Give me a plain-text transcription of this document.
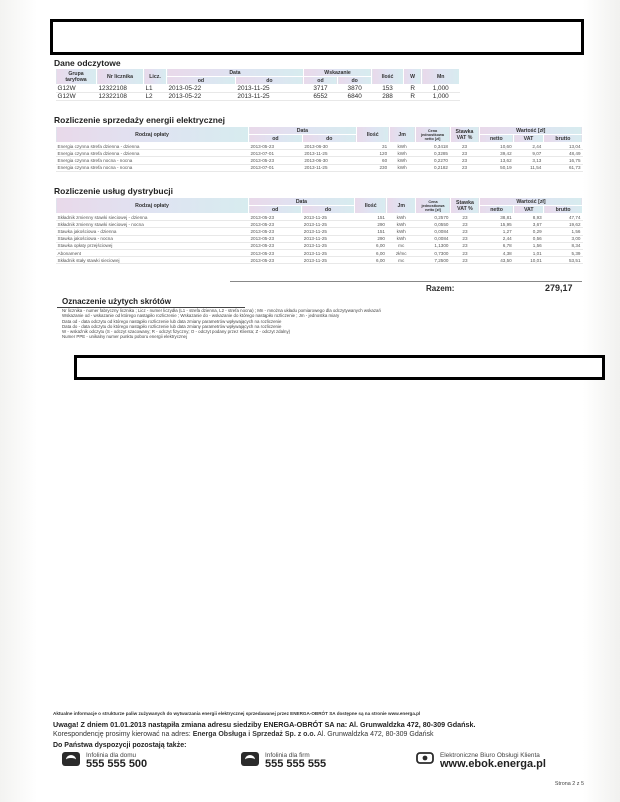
Dane odczytowe
Grupa taryfowa	Nr licznika	Licz.	Data		Wskazanie		Ilość	W	Mn
			od	do	od	do			
G12W	12322108	L1	2013-05-22	2013-11-25	3717	3870	153	R	1,000
G12W	12322108	L2	2013-05-22	2013-11-25	6552	6840	288	R	1,000
Rozliczenie sprzedaży energii elektrycznej
Rodzaj opłaty	Data		Ilość	Jm	Cena jednostkowa netto [zł]	Stawka VAT %	Wartość [zł]		
	od	do					netto	VAT	brutto
Energia czynna strefa dzienna - dzienna	2013-05-23	2013-06-30	31	kWh	0,3418	23	10,60	2,44	13,04
Energia czynna strefa dzienna - dzienna	2013-07-01	2013-11-25	120	kWh	0,3285	23	39,42	9,07	48,49
Energia czynna strefa nocna - nocna	2013-05-23	2013-06-30	60	kWh	0,2270	23	13,62	3,13	16,75
Energia czynna strefa nocna - nocna	2013-07-01	2013-11-25	230	kWh	0,2182	23	50,19	11,54	61,73
Rozliczenie usług dystrybucji
Rodzaj opłaty	Data		Ilość	Jm	Cena jednostkowa netto [zł]	Stawka VAT %	Wartość [zł]		
	od	do					netto	VAT	brutto
Składnik zmienny stawki sieciowej - dzienna	2013-05-23	2013-11-25	151	kWh	0,2570	23	38,81	8,93	47,74
Składnik zmienny stawki sieciowej - nocna	2013-05-23	2013-11-25	290	kWh	0,0550	23	15,95	3,67	19,62
Stawka jakościowa - dzienna	2013-05-23	2013-11-25	151	kWh	0,0084	23	1,27	0,29	1,56
Stawka jakościowa - nocna	2013-05-23	2013-11-25	290	kWh	0,0084	23	2,44	0,56	3,00
Stawka opłaty przejściowej	2013-05-23	2013-11-25	6,00	mc	1,1300	23	6,78	1,56	8,34
Abonament	2013-05-23	2013-11-25	6,00	zł/mc	0,7300	23	4,38	1,01	5,39
Składnik stały stawki sieciowej	2013-05-23	2013-11-25	6,00	mc	7,2500	23	43,50	10,01	53,51
Razem:	279,17
Oznaczenie użytych skrótów
Nr licznika - numer fabryczny licznika ; Licz - numer liczydła (L1 - strefa dzienna, L2 - strefa nocna) ; Mn - mnożna układu pomiarowego dla odczytywanych wskazań
Wskazanie od - wskazanie od którego nastąpiło rozliczenie ; Wskazanie do - wskazanie do którego nastąpiło rozliczenie ; Jm - jednostka miary
Data od - data odczytu od którego nastąpiło rozliczenie lub data zmiany parametrów wpływających na rozliczenie
Data do - data odczytu do którego nastąpiło rozliczenie lub data zmiany parametrów wpływających na rozliczenie
W - wskaźnik odczytu (S - odczyt szacowany; R - odczyt fizyczny; O - odczyt podany przez Klienta; Z - odczyt zdalny)
Numer PPE - unikalny numer punktu poboru energii elektrycznej
Aktualne informacje o strukturze paliw zużywanych do wytwarzania energii elektrycznej sprzedawanej przez ENERGA-OBRÓT SA dostępne są na stronie www.energa.pl
Uwaga! Z dniem 01.01.2013 nastąpiła zmiana adresu siedziby ENERGA-OBRÓT SA na: Al. Grunwaldzka 472, 80-309 Gdańsk.
Korespondencję prosimy kierować na adres: Energa Obsługa i Sprzedaż Sp. z o.o. Al. Grunwaldzka 472, 80-309 Gdańsk
Do Państwa dyspozycji pozostają także:
Infolinia dla domu
555 555 500
Infolinia dla firm
555 555 555
Elektroniczne Biuro Obsługi Klienta
www.ebok.energa.pl
Strona 2 z 5
